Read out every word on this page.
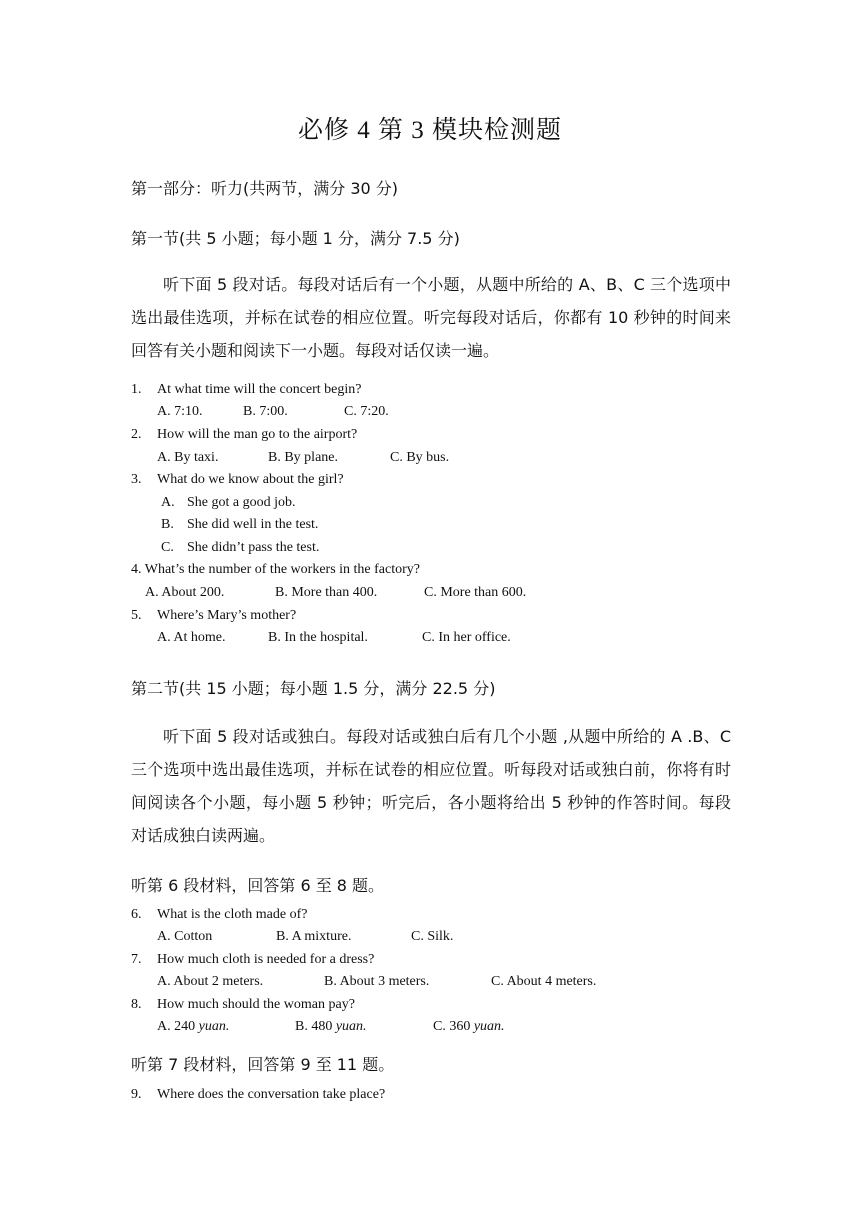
必修 4 第 3 模块检测题
第一部分：听力(共两节，满分 30 分)
第一节(共 5 小题；每小题 1 分，满分 7.5 分)
听下面 5 段对话。每段对话后有一个小题，从题中所给的 A、B、C 三个选项中选出最佳选项，并标在试卷的相应位置。听完每段对话后，你都有 10 秒钟的时间来回答有关小题和阅读下一小题。每段对话仅读一遍。
1. At what time will the concert begin?
A. 7:10.	B. 7:00.	C. 7:20.
2. How will the man go to the airport?
A. By taxi.	B. By plane.	C. By bus.
3. What do we know about the girl?
A. She got a good job.
B. She did well in the test.
C. She didn’t pass the test.
4. What’s the number of the workers in the factory?
A. About 200.	B. More than 400.	C. More than 600.
5. Where’s Mary’s mother?
A. At home.	B. In the hospital.	C. In her office.
第二节(共 15 小题；每小题 1.5 分，满分 22.5 分)
听下面 5 段对话或独白。每段对话或独白后有几个小题 ,从题中所给的 A .B、C 三个选项中选出最佳选项，并标在试卷的相应位置。听每段对话或独白前，你将有时间阅读各个小题，每小题 5 秒钟；听完后，各小题将给出 5 秒钟的作答时间。每段对话成独白读两遍。
听第 6 段材料，回答第 6 至 8 题。
6. What is the cloth made of?
A. Cotton	B. A mixture.	C. Silk.
7. How much cloth is needed for a dress?
A. About 2 meters.	B. About 3 meters.	C. About 4 meters.
8. How much should the woman pay?
A. 240 yuan.	B. 480 yuan.	C. 360 yuan.
听第 7 段材料，回答第 9 至 11 题。
9. Where does the conversation take place?
